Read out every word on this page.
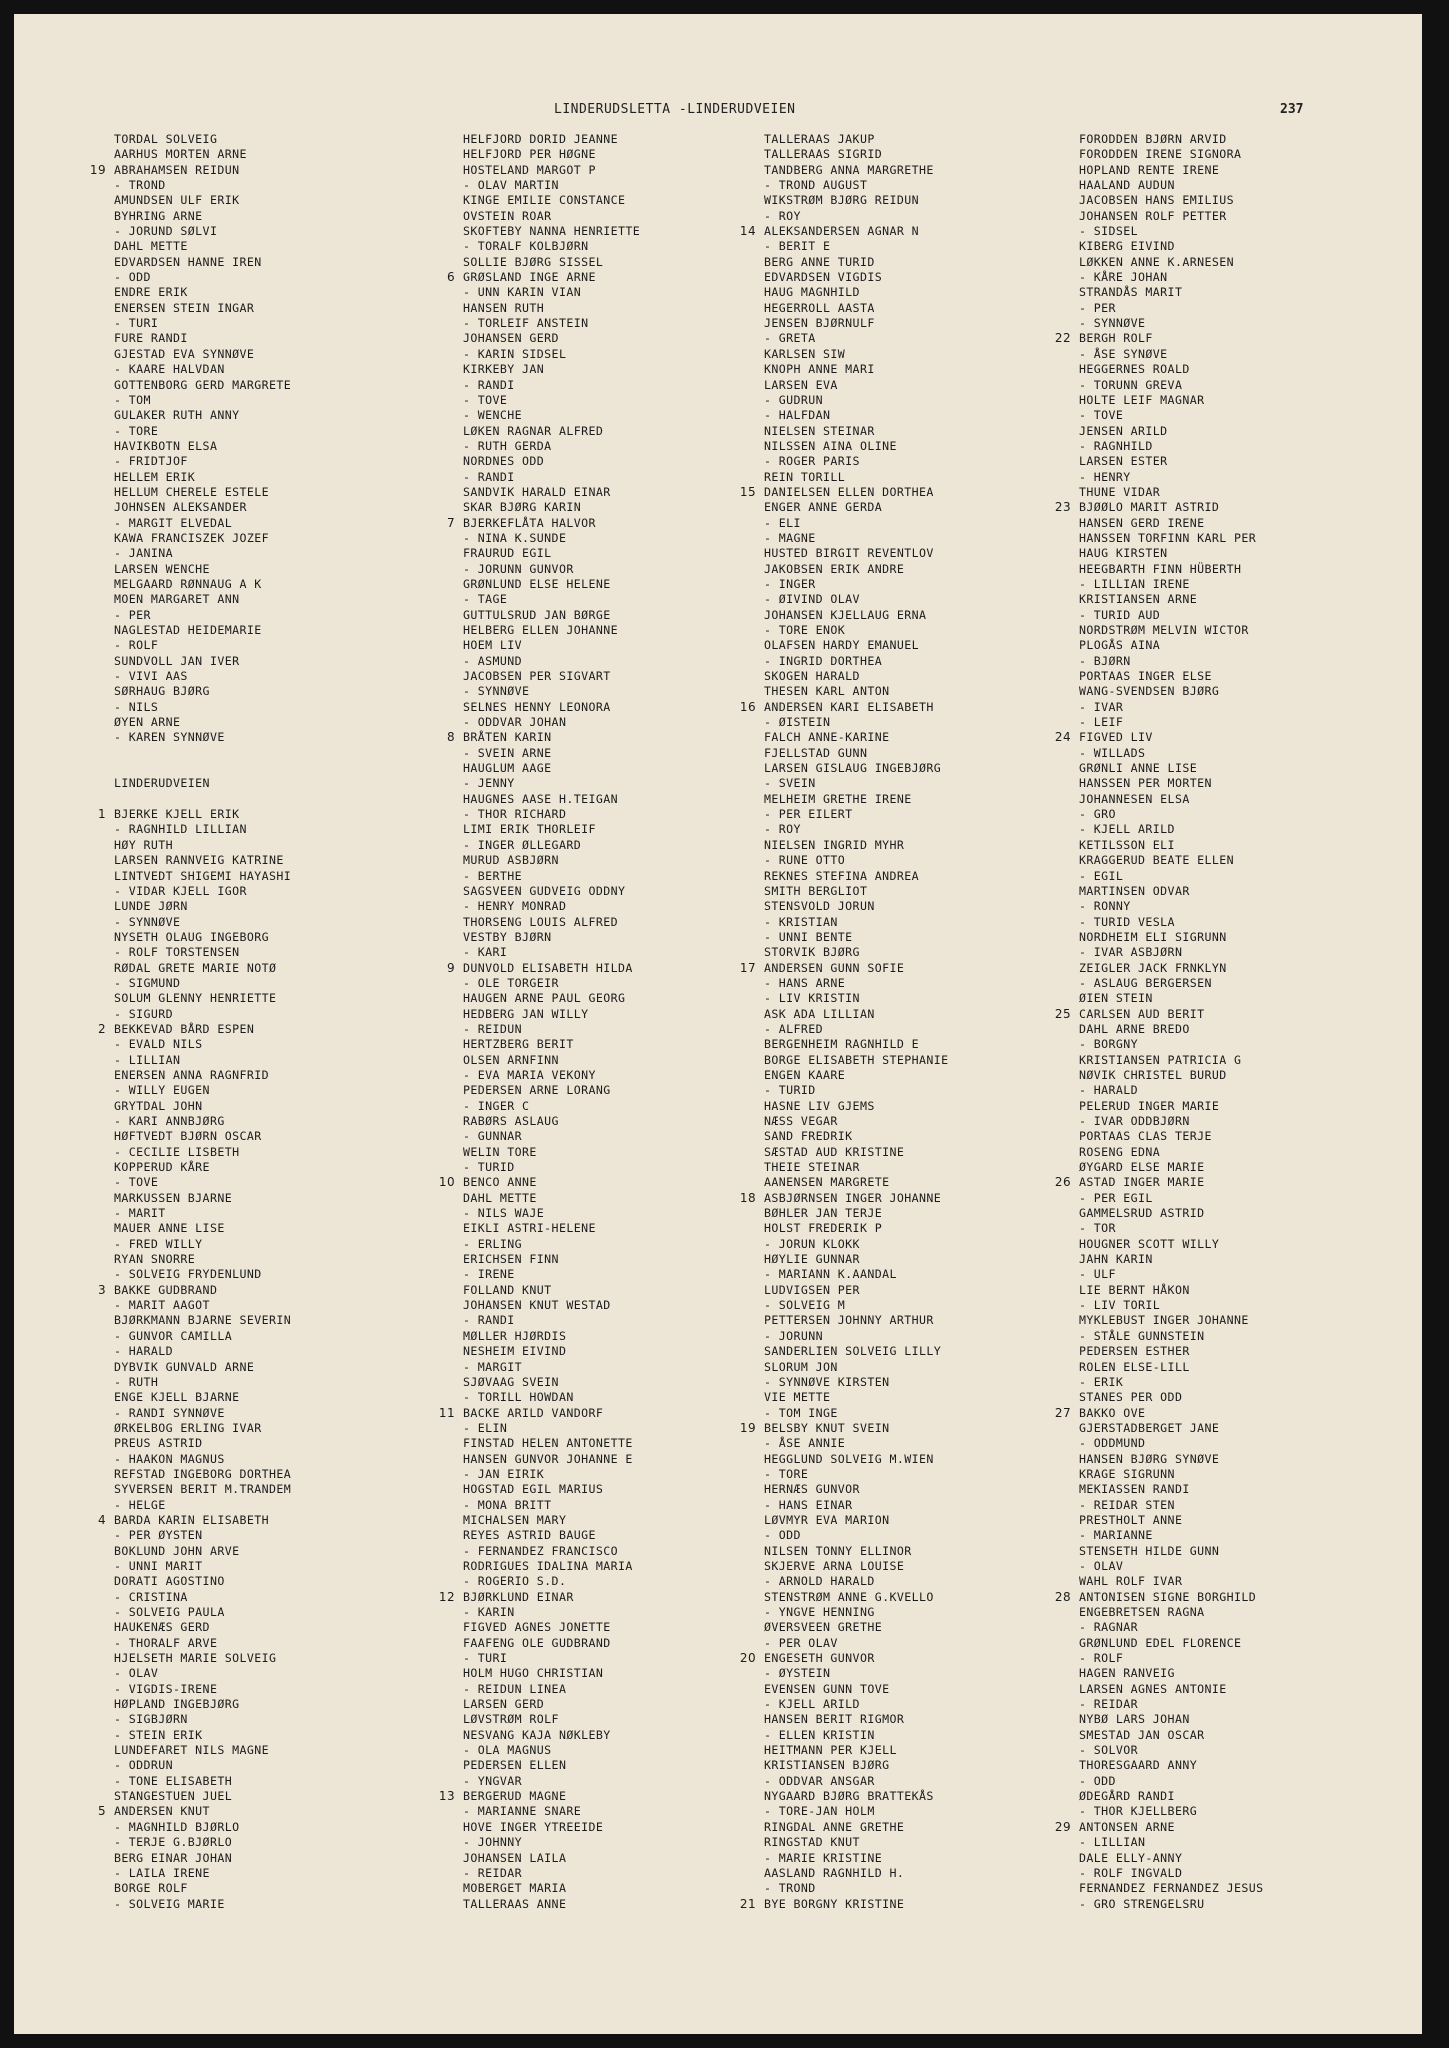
LINDERUDSLETTA -LINDERUDVEIEN	237
TORDAL SOLVEIG
AARHUS MORTEN ARNE
19 ABRAHAMSEN REIDUN
- TROND
AMUNDSEN ULF ERIK
BYHRING ARNE
- JORUND SØLVI
DAHL METTE
EDVARDSEN HANNE IREN
- ODD
ENDRE ERIK
ENERSEN STEIN INGAR
- TURI
FURE RANDI
GJESTAD EVA SYNNØVE
- KAARE HALVDAN
GOTTENBORG GERD MARGRETE
- TOM
GULAKER RUTH ANNY
- TORE
HAVIKBOTN ELSA
- FRIDTJOF
HELLEM ERIK
HELLUM CHERELE ESTELE
JOHNSEN ALEKSANDER
- MARGIT ELVEDAL
KAWA FRANCISZEK JOZEF
- JANINA
LARSEN WENCHE
MELGAARD RØNNAUG A K
MOEN MARGARET ANN
- PER
NAGLESTAD HEIDEMARIE
- ROLF
SUNDVOLL JAN IVER
- VIVI AAS
SØRHAUG BJØRG
- NILS
ØYEN ARNE
- KAREN SYNNØVE
LINDERUDVEIEN
1 BJERKE KJELL ERIK
- RAGNHILD LILLIAN
HØY RUTH
LARSEN RANNVEIG KATRINE
LINTVEDT SHIGEMI HAYASHI
- VIDAR KJELL IGOR
LUNDE JØRN
- SYNNØVE
NYSETH OLAUG INGEBORG
- ROLF TORSTENSEN
RØDAL GRETE MARIE NOTØ
- SIGMUND
SOLUM GLENNY HENRIETTE
- SIGURD
2 BEKKEVAD BÅRD ESPEN
- EVALD NILS
- LILLIAN
ENERSEN ANNA RAGNFRID
- WILLY EUGEN
GRYTDAL JOHN
- KARI ANNBJØRG
HØFTVEDT BJØRN OSCAR
- CECILIE LISBETH
KOPPERUD KÅRE
- TOVE
MARKUSSEN BJARNE
- MARIT
MAUER ANNE LISE
- FRED WILLY
RYAN SNORRE
- SOLVEIG FRYDENLUND
3 BAKKE GUDBRAND
- MARIT AAGOT
BJØRKMANN BJARNE SEVERIN
- GUNVOR CAMILLA
- HARALD
DYBVIK GUNVALD ARNE
- RUTH
ENGE KJELL BJARNE
- RANDI SYNNØVE
ØRKELBOG ERLING IVAR
PREUS ASTRID
- HAAKON MAGNUS
REFSTAD INGEBORG DORTHEA
SYVERSEN BERIT M.TRANDEM
- HELGE
4 BARDA KARIN ELISABETH
- PER ØYSTEN
BOKLUND JOHN ARVE
- UNNI MARIT
DORATI AGOSTINO
- CRISTINA
- SOLVEIG PAULA
HAUKENÆS GERD
- THORALF ARVE
HJELSETH MARIE SOLVEIG
- OLAV
- VIGDIS-IRENE
HØPLAND INGEBJØRG
- SIGBJØRN
- STEIN ERIK
LUNDEFARET NILS MAGNE
- ODDRUN
- TONE ELISABETH
STANGESTUEN JUEL
5 ANDERSEN KNUT
- MAGNHILD BJØRLO
- TERJE G.BJØRLO
BERG EINAR JOHAN
- LAILA IRENE
BORGE ROLF
- SOLVEIG MARIE
HELFJORD DORID JEANNE
HELFJORD PER HØGNE
HOSTELAND MARGOT P
- OLAV MARTIN
KINGE EMILIE CONSTANCE
OVSTEIN ROAR
SKOFTEBY NANNA HENRIETTE
- TORALF KOLBJØRN
SOLLIE BJØRG SISSEL
6 GRØSLAND INGE ARNE
- UNN KARIN VIAN
HANSEN RUTH
- TORLEIF ANSTEIN
JOHANSEN GERD
- KARIN SIDSEL
KIRKEBY JAN
- RANDI
- TOVE
- WENCHE
LØKEN RAGNAR ALFRED
- RUTH GERDA
NORDNES ODD
- RANDI
SANDVIK HARALD EINAR
SKAR BJØRG KARIN
7 BJERKEFLÅTA HALVOR
- NINA K.SUNDE
FRAURUD EGIL
- JORUNN GUNVOR
GRØNLUND ELSE HELENE
- TAGE
GUTTULSRUD JAN BØRGE
HELBERG ELLEN JOHANNE
HOEM LIV
- ASMUND
JACOBSEN PER SIGVART
- SYNNØVE
SELNES HENNY LEONORA
- ODDVAR JOHAN
8 BRÅTEN KARIN
- SVEIN ARNE
HAUGLUM AAGE
- JENNY
HAUGNES AASE H.TEIGAN
- THOR RICHARD
LIMI ERIK THORLEIF
- INGER ØLLEGARD
MURUD ASBJØRN
- BERTHE
SAGSVEEN GUDVEIG ODDNY
- HENRY MONRAD
THORSENG LOUIS ALFRED
VESTBY BJØRN
- KARI
9 DUNVOLD ELISABETH HILDA
- OLE TORGEIR
HAUGEN ARNE PAUL GEORG
HEDBERG JAN WILLY
- REIDUN
HERTZBERG BERIT
OLSEN ARNFINN
- EVA MARIA VEKONY
PEDERSEN ARNE LORANG
- INGER C
RABØRS ASLAUG
- GUNNAR
WELIN TORE
- TURID
10 BENCO ANNE
DAHL METTE
- NILS WAJE
EIKLI ASTRI-HELENE
- ERLING
ERICHSEN FINN
- IRENE
FOLLAND KNUT
JOHANSEN KNUT WESTAD
- RANDI
MØLLER HJØRDIS
NESHEIM EIVIND
- MARGIT
SJØVAAG SVEIN
- TORILL HOWDAN
11 BACKE ARILD VANDORF
- ELIN
FINSTAD HELEN ANTONETTE
HANSEN GUNVOR JOHANNE E
- JAN EIRIK
HOGSTAD EGIL MARIUS
- MONA BRITT
MICHALSEN MARY
REYES ASTRID BAUGE
- FERNANDEZ FRANCISCO
RODRIGUES IDALINA MARIA
- ROGERIO S.D.
12 BJØRKLUND EINAR
- KARIN
FIGVED AGNES JONETTE
FAAFENG OLE GUDBRAND
- TURI
HOLM HUGO CHRISTIAN
- REIDUN LINEA
LARSEN GERD
LØVSTRØM ROLF
NESVANG KAJA NØKLEBY
- OLA MAGNUS
PEDERSEN ELLEN
- YNGVAR
13 BERGERUD MAGNE
- MARIANNE SNARE
HOVE INGER YTREEIDE
- JOHNNY
JOHANSEN LAILA
- REIDAR
MOBERGET MARIA
TALLERAAS ANNE
TALLERAAS JAKUP
TALLERAAS SIGRID
TANDBERG ANNA MARGRETHE
- TROND AUGUST
WIKSTRØM BJØRG REIDUN
- ROY
14 ALEKSANDERSEN AGNAR N
- BERIT E
BERG ANNE TURID
EDVARDSEN VIGDIS
HAUG MAGNHILD
HEGERROLL AASTA
JENSEN BJØRNULF
- GRETA
KARLSEN SIW
KNOPH ANNE MARI
LARSEN EVA
- GUDRUN
- HALFDAN
NIELSEN STEINAR
NILSSEN AINA OLINE
- ROGER PARIS
REIN TORILL
15 DANIELSEN ELLEN DORTHEA
ENGER ANNE GERDA
- ELI
- MAGNE
HUSTED BIRGIT REVENTLOV
JAKOBSEN ERIK ANDRE
- INGER
- ØIVIND OLAV
JOHANSEN KJELLAUG ERNA
- TORE ENOK
OLAFSEN HARDY EMANUEL
- INGRID DORTHEA
SKOGEN HARALD
THESEN KARL ANTON
16 ANDERSEN KARI ELISABETH
- ØISTEIN
FALCH ANNE-KARINE
FJELLSTAD GUNN
LARSEN GISLAUG INGEBJØRG
- SVEIN
MELHEIM GRETHE IRENE
- PER EILERT
- ROY
NIELSEN INGRID MYHR
- RUNE OTTO
REKNES STEFINA ANDREA
SMITH BERGLIOT
STENSVOLD JORUN
- KRISTIAN
- UNNI BENTE
STORVIK BJØRG
17 ANDERSEN GUNN SOFIE
- HANS ARNE
- LIV KRISTIN
ASK ADA LILLIAN
- ALFRED
BERGENHEIM RAGNHILD E
BORGE ELISABETH STEPHANIE
ENGEN KAARE
- TURID
HASNE LIV GJEMS
NÆSS VEGAR
SAND FREDRIK
SÆSTAD AUD KRISTINE
THEIE STEINAR
AANENSEN MARGRETE
18 ASBJØRNSEN INGER JOHANNE
BØHLER JAN TERJE
HOLST FREDERIK P
- JORUN KLOKK
HØYLIE GUNNAR
- MARIANN K.AANDAL
LUDVIGSEN PER
- SOLVEIG M
PETTERSEN JOHNNY ARTHUR
- JORUNN
SANDERLIEN SOLVEIG LILLY
SLORUM JON
- SYNNØVE KIRSTEN
VIE METTE
- TOM INGE
19 BELSBY KNUT SVEIN
- ÅSE ANNIE
HEGGLUND SOLVEIG M.WIEN
- TORE
HERNÆS GUNVOR
- HANS EINAR
LØVMYR EVA MARION
- ODD
NILSEN TONNY ELLINOR
SKJERVE ARNA LOUISE
- ARNOLD HARALD
STENSTRØM ANNE G.KVELLO
- YNGVE HENNING
ØVERSVEEN GRETHE
- PER OLAV
20 ENGESETH GUNVOR
- ØYSTEIN
EVENSEN GUNN TOVE
- KJELL ARILD
HANSEN BERIT RIGMOR
- ELLEN KRISTIN
HEITMANN PER KJELL
KRISTIANSEN BJØRG
- ODDVAR ANSGAR
NYGAARD BJØRG BRATTEKÅS
- TORE-JAN HOLM
RINGDAL ANNE GRETHE
RINGSTAD KNUT
- MARIE KRISTINE
AASLAND RAGNHILD H.
- TROND
21 BYE BORGNY KRISTINE
FORODDEN BJØRN ARVID
FORODDEN IRENE SIGNORA
HOPLAND RENTE IRENE
HAALAND AUDUN
JACOBSEN HANS EMILIUS
JOHANSEN ROLF PETTER
- SIDSEL
KIBERG EIVIND
LØKKEN ANNE K.ARNESEN
- KÅRE JOHAN
STRANDÅS MARIT
- PER
- SYNNØVE
22 BERGH ROLF
- ÅSE SYNØVE
HEGGERNES ROALD
- TORUNN GREVA
HOLTE LEIF MAGNAR
- TOVE
JENSEN ARILD
- RAGNHILD
LARSEN ESTER
- HENRY
THUNE VIDAR
23 BJØØLO MARIT ASTRID
HANSEN GERD IRENE
HANSSEN TORFINN KARL PER
HAUG KIRSTEN
HEEGBARTH FINN HÜBERTH
- LILLIAN IRENE
KRISTIANSEN ARNE
- TURID AUD
NORDSTRØM MELVIN WICTOR
PLOGÅS AINA
- BJØRN
PORTAAS INGER ELSE
WANG-SVENDSEN BJØRG
- IVAR
- LEIF
24 FIGVED LIV
- WILLADS
GRØNLI ANNE LISE
HANSSEN PER MORTEN
JOHANNESEN ELSA
- GRO
- KJELL ARILD
KETILSSON ELI
KRAGGERUD BEATE ELLEN
- EGIL
MARTINSEN ODVAR
- RONNY
- TURID VESLA
NORDHEIM ELI SIGRUNN
- IVAR ASBJØRN
ZEIGLER JACK FRNKLYN
- ASLAUG BERGERSEN
ØIEN STEIN
25 CARLSEN AUD BERIT
DAHL ARNE BREDO
- BORGNY
KRISTIANSEN PATRICIA G
NØVIK CHRISTEL BURUD
- HARALD
PELERUD INGER MARIE
- IVAR ODDBJØRN
PORTAAS CLAS TERJE
ROSENG EDNA
ØYGARD ELSE MARIE
26 ASTAD INGER MARIE
- PER EGIL
GAMMELSRUD ASTRID
- TOR
HOUGNER SCOTT WILLY
JAHN KARIN
- ULF
LIE BERNT HÅKON
- LIV TORIL
MYKLEBUST INGER JOHANNE
- STÅLE GUNNSTEIN
PEDERSEN ESTHER
ROLEN ELSE-LILL
- ERIK
STANES PER ODD
27 BAKKO OVE
GJERSTADBERGET JANE
- ODDMUND
HANSEN BJØRG SYNØVE
KRAGE SIGRUNN
MEKIASSEN RANDI
- REIDAR STEN
PRESTHOLT ANNE
- MARIANNE
STENSETH HILDE GUNN
- OLAV
WAHL ROLF IVAR
28 ANTONISEN SIGNE BORGHILD
ENGEBRETSEN RAGNA
- RAGNAR
GRØNLUND EDEL FLORENCE
- ROLF
HAGEN RANVEIG
LARSEN AGNES ANTONIE
- REIDAR
NYBØ LARS JOHAN
SMESTAD JAN OSCAR
- SOLVOR
THORESGAARD ANNY
- ODD
ØDEGÅRD RANDI
- THOR KJELLBERG
29 ANTONSEN ARNE
- LILLIAN
DALE ELLY-ANNY
- ROLF INGVALD
FERNANDEZ FERNANDEZ JESUS
- GRO STRENGELSRU
